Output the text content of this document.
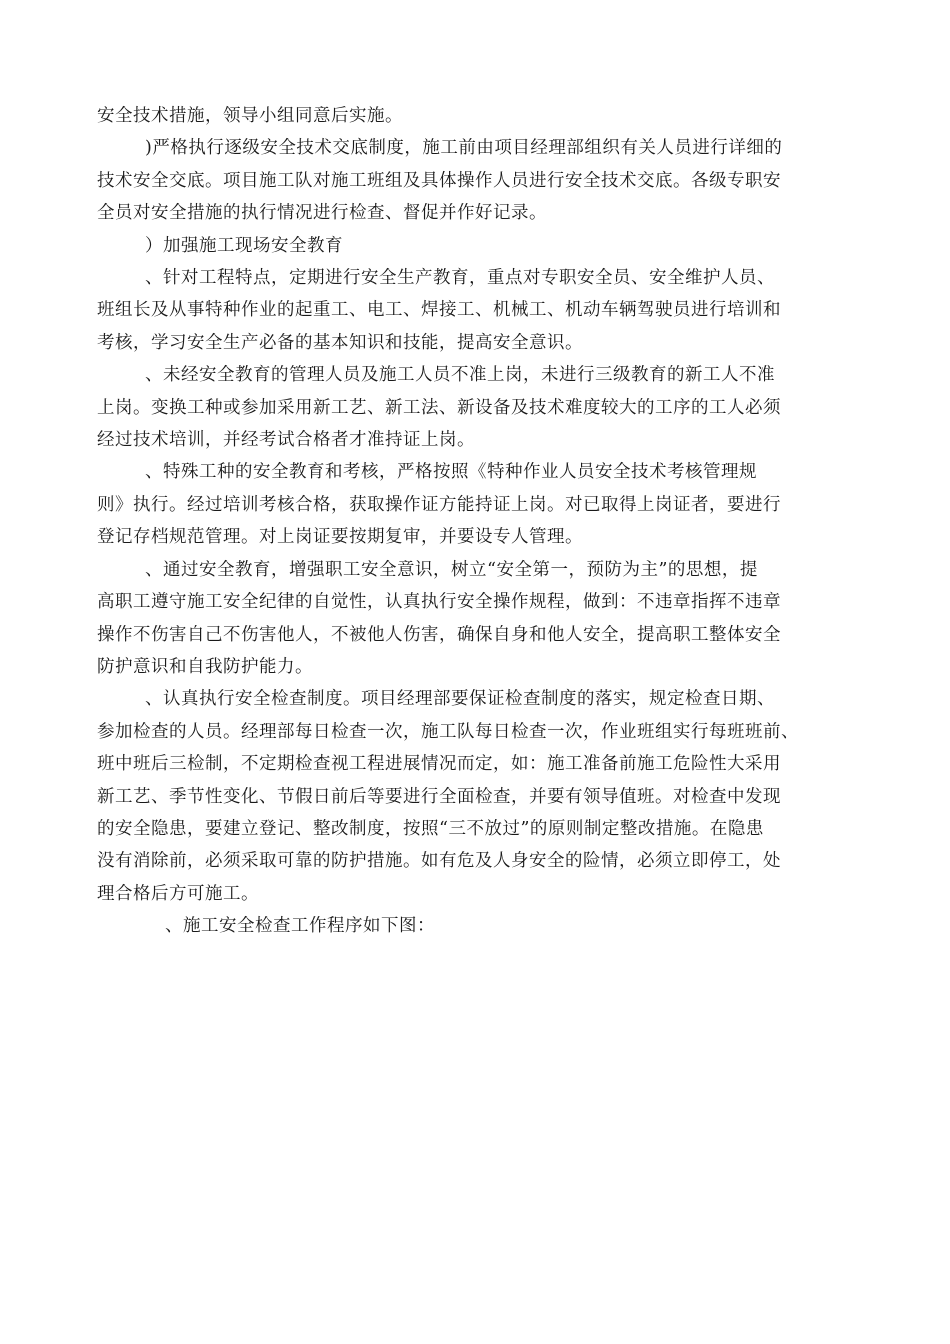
安全技术措施，领导小组同意后实施。

)严格执行逐级安全技术交底制度，施工前由项目经理部组织有关人员进行详细的
技术安全交底。项目施工队对施工班组及具体操作人员进行安全技术交底。各级专职安
全员对安全措施的执行情况进行检查、督促并作好记录。

）加强施工现场安全教育

、针对工程特点，定期进行安全生产教育，重点对专职安全员、安全维护人员、
班组长及从事特种作业的起重工、电工、焊接工、机械工、机动车辆驾驶员进行培训和
考核，学习安全生产必备的基本知识和技能，提高安全意识。

、未经安全教育的管理人员及施工人员不准上岗，未进行三级教育的新工人不准
上岗。变换工种或参加采用新工艺、新工法、新设备及技术难度较大的工序的工人必须
经过技术培训，并经考试合格者才准持证上岗。

、特殊工种的安全教育和考核，严格按照《特种作业人员安全技术考核管理规
则》执行。经过培训考核合格，获取操作证方能持证上岗。对已取得上岗证者，要进行
登记存档规范管理。对上岗证要按期复审，并要设专人管理。

、通过安全教育，增强职工安全意识，树立“安全第一，预防为主”的思想，提
高职工遵守施工安全纪律的自觉性，认真执行安全操作规程，做到：不违章指挥不违章
操作不伤害自己不伤害他人，不被他人伤害，确保自身和他人安全，提高职工整体安全
防护意识和自我防护能力。

、认真执行安全检查制度。项目经理部要保证检查制度的落实，规定检查日期、
参加检查的人员。经理部每日检查一次，施工队每日检查一次，作业班组实行每班班前、
班中班后三检制，不定期检查视工程进展情况而定，如：施工准备前施工危险性大采用
新工艺、季节性变化、节假日前后等要进行全面检查，并要有领导值班。对检查中发现
的安全隐患，要建立登记、整改制度，按照“三不放过”的原则制定整改措施。在隐患
没有消除前，必须采取可靠的防护措施。如有危及人身安全的险情，必须立即停工，处
理合格后方可施工。

、施工安全检查工作程序如下图：
